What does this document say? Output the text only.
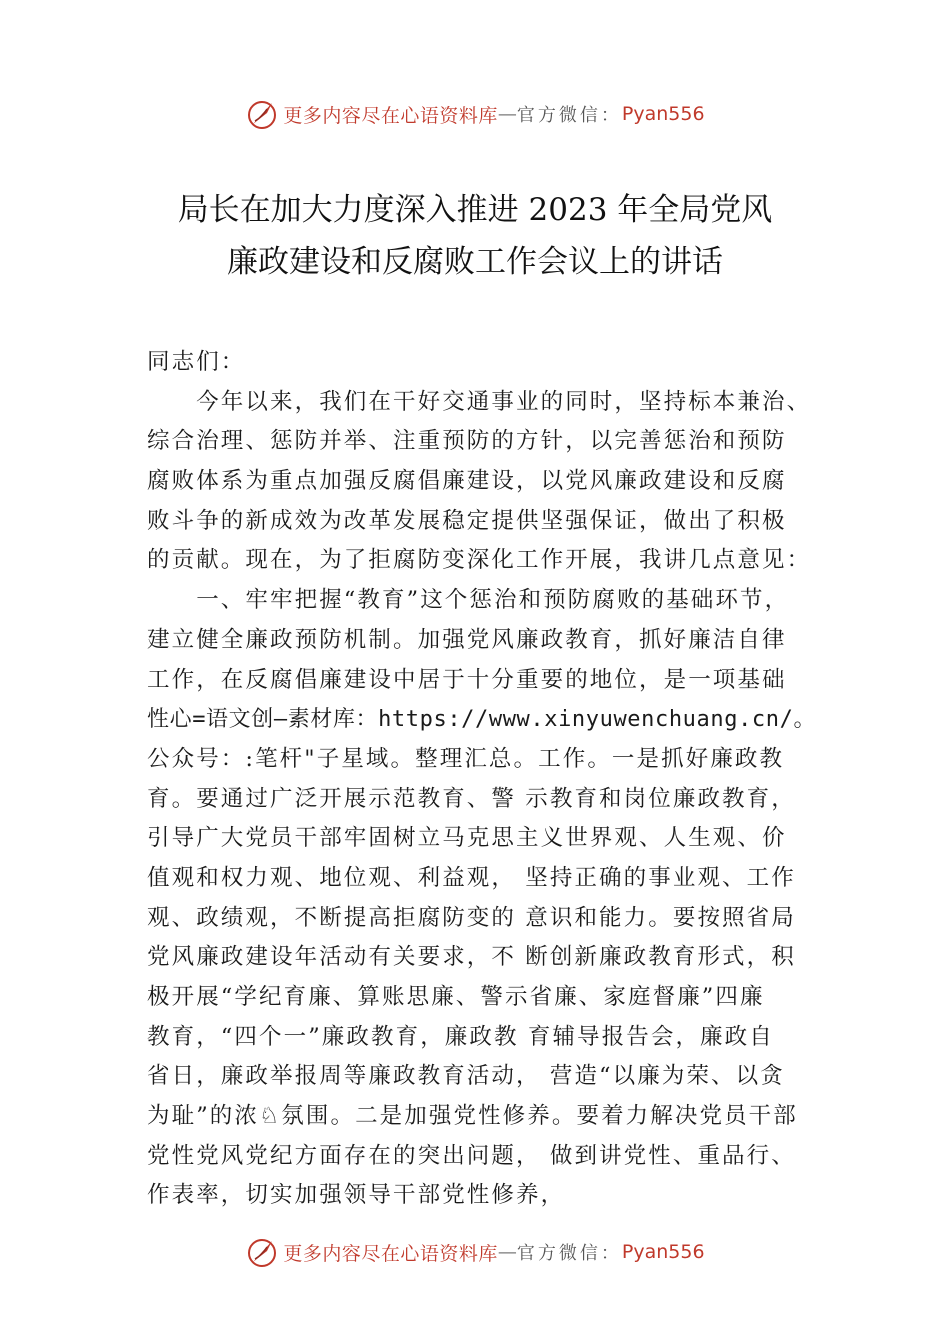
更多内容尽在心语资料库 — 官方微信： Pyan556
局长在加大力度深入推进 2023 年全局党风
廉政建设和反腐败工作会议上的讲话
同志们：
　　今年以来，我们在干好交通事业的同时，坚持标本兼治、
综合治理、惩防并举、注重预防的方针，以完善惩治和预防
腐败体系为重点加强反腐倡廉建设，以党风廉政建设和反腐
败斗争的新成效为改革发展稳定提供坚强保证，做出了积极
的贡献。现在，为了拒腐防变深化工作开展，我讲几点意见：
　　一、牢牢把握“教育”这个惩治和预防腐败的基础环节，
建立健全廉政预防机制。加强党风廉政教育，抓好廉洁自律
工作，在反腐倡廉建设中居于十分重要的地位，是一项基础
性心=语文创—素材库：https://www.xinyuwenchuang.cn/。
公众号：:笔杆"子星域。整理汇总。工作。一是抓好廉政教
育。要通过广泛开展示范教育、警 示教育和岗位廉政教育，
引导广大党员干部牢固树立马克思主义世界观、人生观、价
值观和权力观、地位观、利益观， 坚持正确的事业观、工作
观、政绩观，不断提高拒腐防变的 意识和能力。要按照省局
党风廉政建设年活动有关要求，不 断创新廉政教育形式，积
极开展“学纪育廉、算账思廉、警示省廉、家庭督廉”四廉
教育，“四个一”廉政教育，廉政教 育辅导报告会，廉政自
省日，廉政举报周等廉政教育活动， 营造“以廉为荣、以贪
为耻”的浓♘氛围。二是加强党性修养。要着力解决党员干部
党性党风党纪方面存在的突出问题， 做到讲党性、重品行、
作表率，切实加强领导干部党性修养，
更多内容尽在心语资料库 — 官方微信： Pyan556
